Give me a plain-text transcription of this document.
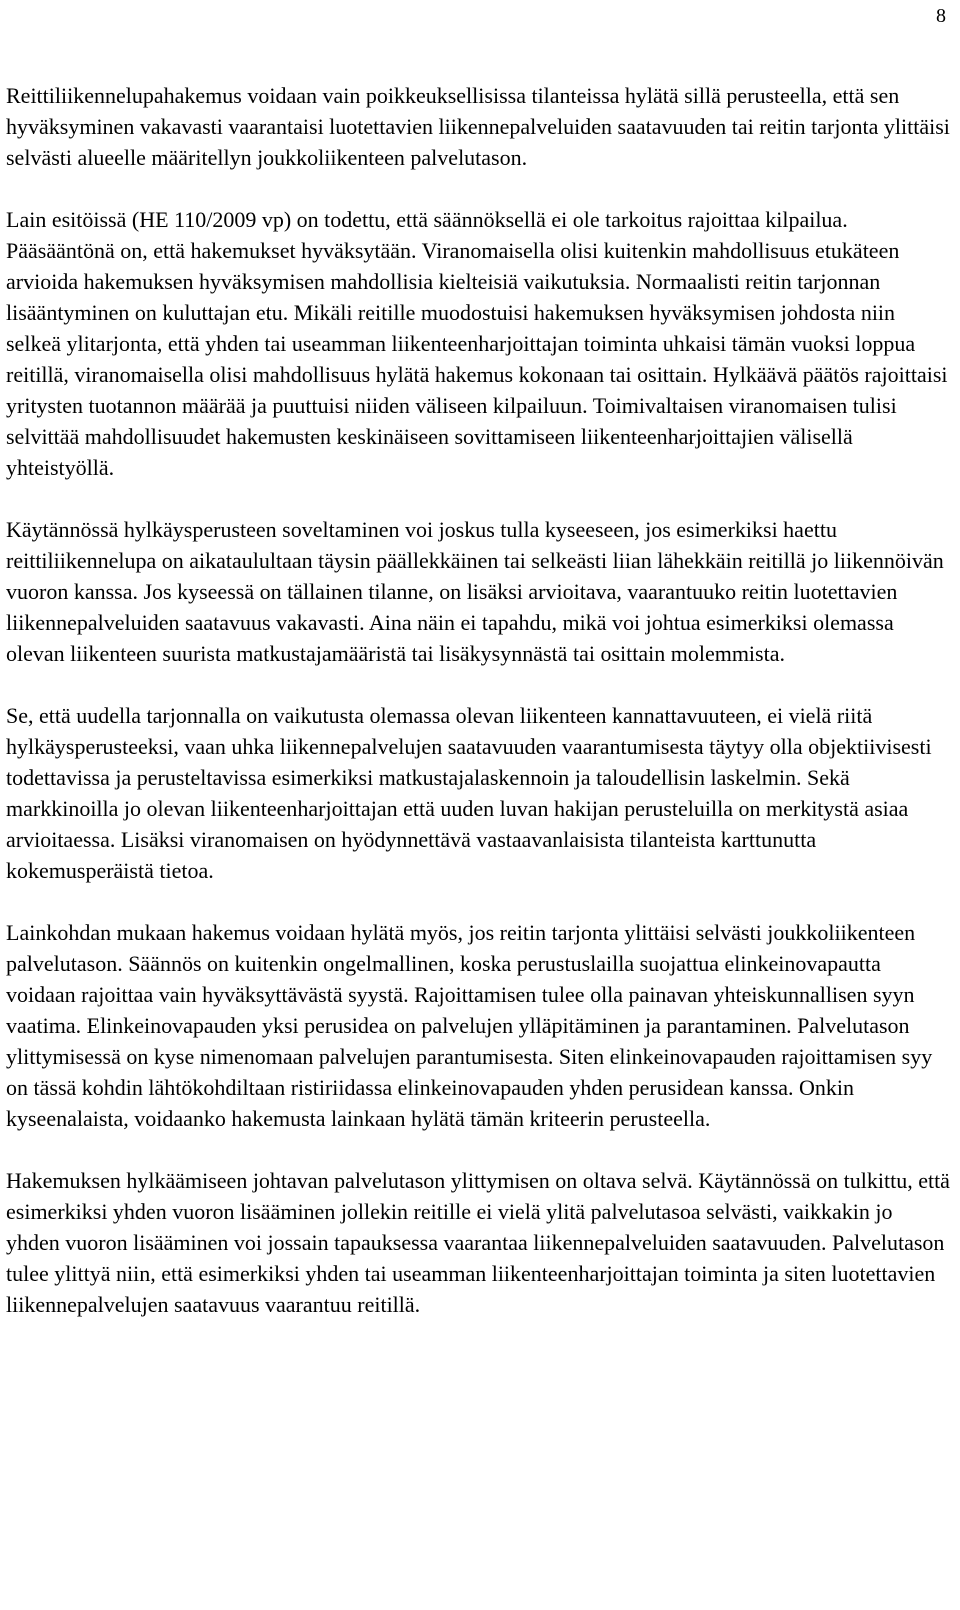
8

Reittiliikennelupahakemus voidaan vain poikkeuksellisissa tilanteissa hylätä sillä perusteella, että sen hyväksyminen vakavasti vaarantaisi luotettavien liikennepalveluiden saatavuuden tai reitin tarjonta ylittäisi selvästi alueelle määritellyn joukkoliikenteen palvelutason.

Lain esitöissä (HE 110/2009 vp) on todettu, että säännöksellä ei ole tarkoitus rajoittaa kilpailua. Pääsääntönä on, että hakemukset hyväksytään. Viranomaisella olisi kuitenkin mahdollisuus etukäteen arvioida hakemuksen hyväksymisen mahdollisia kielteisiä vaikutuksia. Normaalisti reitin tarjonnan lisääntyminen on kuluttajan etu. Mikäli reitille muodostuisi hakemuksen hyväksymisen johdosta niin selkeä ylitarjonta, että yhden tai useamman liikenteenharjoittajan toiminta uhkaisi tämän vuoksi loppua reitillä, viranomaisella olisi mahdollisuus hylätä hakemus kokonaan tai osittain. Hylkäävä päätös rajoittaisi yritysten tuotannon määrää ja puuttuisi niiden väliseen kilpailuun. Toimivaltaisen viranomaisen tulisi selvittää mahdollisuudet hakemusten keskinäiseen sovittamiseen liikenteenharjoittajien välisellä yhteistyöllä.

Käytännössä hylkäysperusteen soveltaminen voi joskus tulla kyseeseen, jos esimerkiksi haettu reittiliikennelupa on aikataulultaan täysin päällekkäinen tai selkeästi liian lähekkäin reitillä jo liikennöivän vuoron kanssa. Jos kyseessä on tällainen tilanne, on lisäksi arvioitava, vaarantuuko reitin luotettavien liikennepalveluiden saatavuus vakavasti. Aina näin ei tapahdu, mikä voi johtua esimerkiksi olemassa olevan liikenteen suurista matkustajamääristä tai lisäkysynnästä tai osittain molemmista.

Se, että uudella tarjonnalla on vaikutusta olemassa olevan liikenteen kannattavuuteen, ei vielä riitä hylkäysperusteeksi, vaan uhka liikennepalvelujen saatavuuden vaarantumisesta täytyy olla objektiivisesti todettavissa ja perusteltavissa esimerkiksi matkustajalaskennoin ja taloudellisin laskelmin. Sekä markkinoilla jo olevan liikenteenharjoittajan että uuden luvan hakijan perusteluilla on merkitystä asiaa arvioitaessa. Lisäksi viranomaisen on hyödynnettävä vastaavanlaisista tilanteista karttunutta kokemusperäistä tietoa.

Lainkohdan mukaan hakemus voidaan hylätä myös, jos reitin tarjonta ylittäisi selvästi joukkoliikenteen palvelutason. Säännös on kuitenkin ongelmallinen, koska perustuslailla suojattua elinkeinovapautta voidaan rajoittaa vain hyväksyttävästä syystä. Rajoittamisen tulee olla painavan yhteiskunnallisen syyn vaatima. Elinkeinovapauden yksi perusidea on palvelujen ylläpitäminen ja parantaminen. Palvelutason ylittymisessä on kyse nimenomaan palvelujen parantumisesta. Siten elinkeinovapauden rajoittamisen syy on tässä kohdin lähtökohdiltaan ristiriidassa elinkeinovapauden yhden perusidean kanssa. Onkin kyseenalaista, voidaanko hakemusta lainkaan hylätä tämän kriteerin perusteella.

Hakemuksen hylkäämiseen johtavan palvelutason ylittymisen on oltava selvä. Käytännössä on tulkittu, että esimerkiksi yhden vuoron lisääminen jollekin reitille ei vielä ylitä palvelutasoa selvästi, vaikkakin jo yhden vuoron lisääminen voi jossain tapauksessa vaarantaa liikennepalveluiden saatavuuden. Palvelutason tulee ylittyä niin, että esimerkiksi yhden tai useamman liikenteenharjoittajan toiminta ja siten luotettavien liikennepalvelujen saatavuus vaarantuu reitillä.
